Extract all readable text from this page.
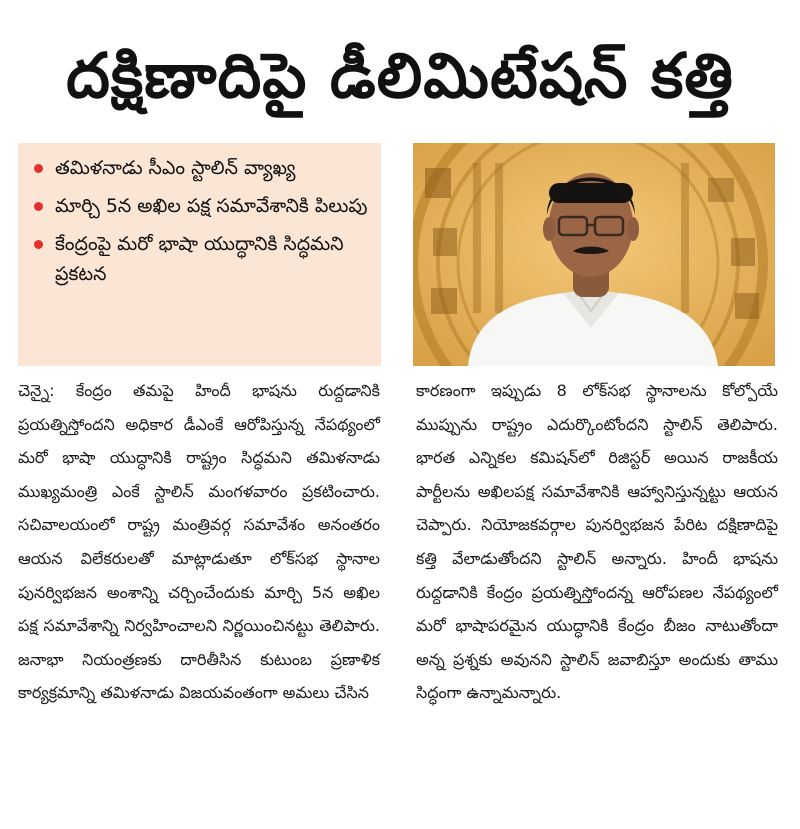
దక్షిణాదిపై డీలిమిటేషన్ కత్తి
తమిళనాడు సీఎం స్టాలిన్ వ్యాఖ్య
మార్చి 5న అఖిల పక్ష సమావేశానికి పిలుపు
కేంద్రంపై మరో భాషా యుద్ధానికి సిద్ధమని ప్రకటన

చెన్నై: కేంద్రం తమపై హిందీ భాషను రుద్దడానికి ప్రయత్నిస్తోందని అధికార డీఎంకే ఆరోపిస్తున్న నేపథ్యంలో మరో భాషా యుద్ధానికి రాష్ట్రం సిద్ధమని తమిళనాడు ముఖ్యమంత్రి ఎంకే స్టాలిన్ మంగళవారం ప్రకటించారు. సచివాలయంలో రాష్ట్ర మంత్రివర్గ సమావేశం అనంతరం ఆయన విలేకరులతో మాట్లాడుతూ లోక్‌సభ స్థానాల పునర్విభజన అంశాన్ని చర్చించేందుకు మార్చి 5న అఖిల పక్ష సమావేశాన్ని నిర్వహించాలని నిర్ణయించినట్టు తెలిపారు. జనాభా నియంత్రణకు దారితీసిన కుటుంబ ప్రణాళిక కార్యక్రమాన్ని తమిళనాడు విజయవంతంగా అమలు చేసిన

కారణంగా ఇప్పుడు 8 లోక్‌సభ స్థానాలను కోల్పోయే ముప్పును రాష్ట్రం ఎదుర్కొంటోందని స్టాలిన్ తెలిపారు. భారత ఎన్నికల కమిషన్‌లో రిజిస్టర్ అయిన రాజకీయ పార్టీలను అఖిలపక్ష సమావేశానికి ఆహ్వానిస్తున్నట్టు ఆయన చెప్పారు. నియోజకవర్గాల పునర్విభజన పేరిట దక్షిణాదిపై కత్తి వేలాడుతోందని స్టాలిన్ అన్నారు. హిందీ భాషను రుద్దడానికి కేంద్రం ప్రయత్నిస్తోందన్న ఆరోపణల నేపథ్యంలో మరో భాషాపరమైన యుద్ధానికి కేంద్రం బీజం నాటుతోందా అన్న ప్రశ్నకు అవునని స్టాలిన్ జవాబిస్తూ అందుకు తాము సిద్ధంగా ఉన్నామన్నారు.
